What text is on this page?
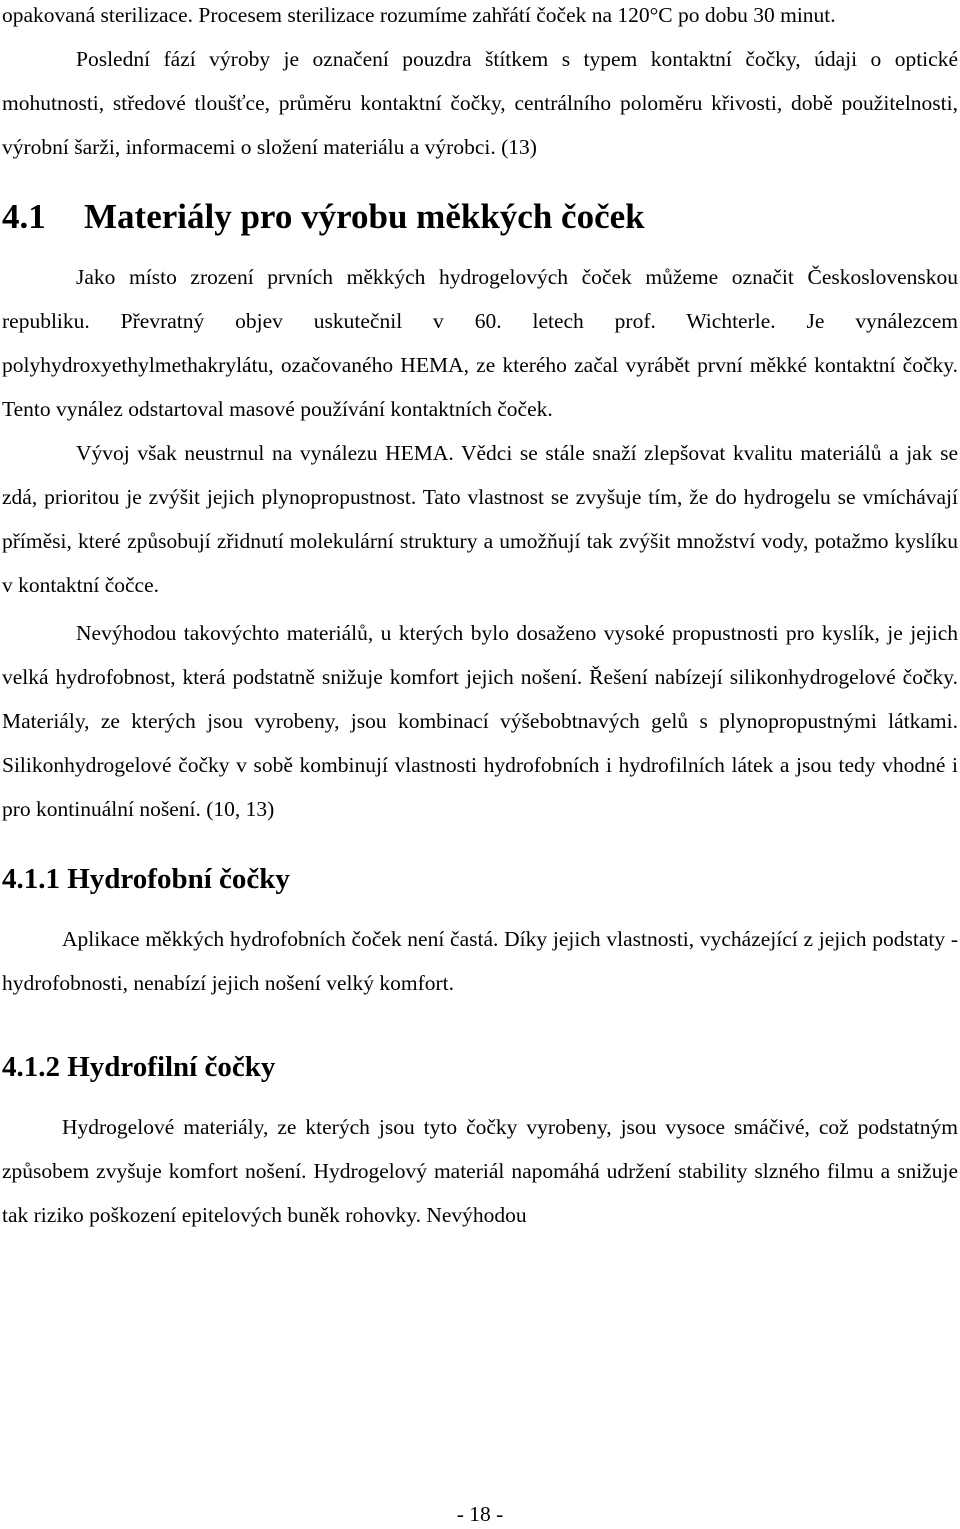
opakovaná sterilizace. Procesem sterilizace rozumíme zahřátí čoček na 120°C po dobu 30 minut.

Poslední fází výroby je označení pouzdra štítkem s typem kontaktní čočky, údaji o optické mohutnosti, středové tloušťce, průměru kontaktní čočky, centrálního poloměru křivosti, době použitelnosti, výrobní šarži, informacemi o složení materiálu a výrobci. (13)

4.1 Materiály pro výrobu měkkých čoček

Jako místo zrození prvních měkkých hydrogelových čoček můžeme označit Československou republiku. Převratný objev uskutečnil v 60. letech prof. Wichterle. Je vynálezcem polyhydroxyethylmethakrylátu, ozačovaného HEMA, ze kterého začal vyrábět první měkké kontaktní čočky. Tento vynález odstartoval masové používání kontaktních čoček.

Vývoj však neustrnul na vynálezu HEMA. Vědci se stále snaží zlepšovat kvalitu materiálů a jak se zdá, prioritou je zvýšit jejich plynopropustnost. Tato vlastnost se zvyšuje tím, že do hydrogelu se vmíchávají příměsi, které způsobují zřidnutí molekulární struktury a umožňují tak zvýšit množství vody, potažmo kyslíku v kontaktní čočce.

Nevýhodou takovýchto materiálů, u kterých bylo dosaženo vysoké propustnosti pro kyslík, je jejich velká hydrofobnost, která podstatně snižuje komfort jejich nošení. Řešení nabízejí silikonhydrogelové čočky. Materiály, ze kterých jsou vyrobeny, jsou kombinací výšebobtnavých gelů s plynopropustnými látkami. Silikonhydrogelové čočky v sobě kombinují vlastnosti hydrofobních i hydrofilních látek a jsou tedy vhodné i pro kontinuální nošení. (10, 13)

4.1.1 Hydrofobní čočky

Aplikace měkkých hydrofobních čoček není častá. Díky jejich vlastnosti, vycházející z jejich podstaty - hydrofobnosti, nenabízí jejich nošení velký komfort.

4.1.2 Hydrofilní čočky

Hydrogelové materiály, ze kterých jsou tyto čočky vyrobeny, jsou vysoce smáčivé, což podstatným způsobem zvyšuje komfort nošení. Hydrogelový materiál napomáhá udržení stability slzného filmu a snižuje tak riziko poškození epitelových buněk rohovky. Nevýhodou

- 18 -
